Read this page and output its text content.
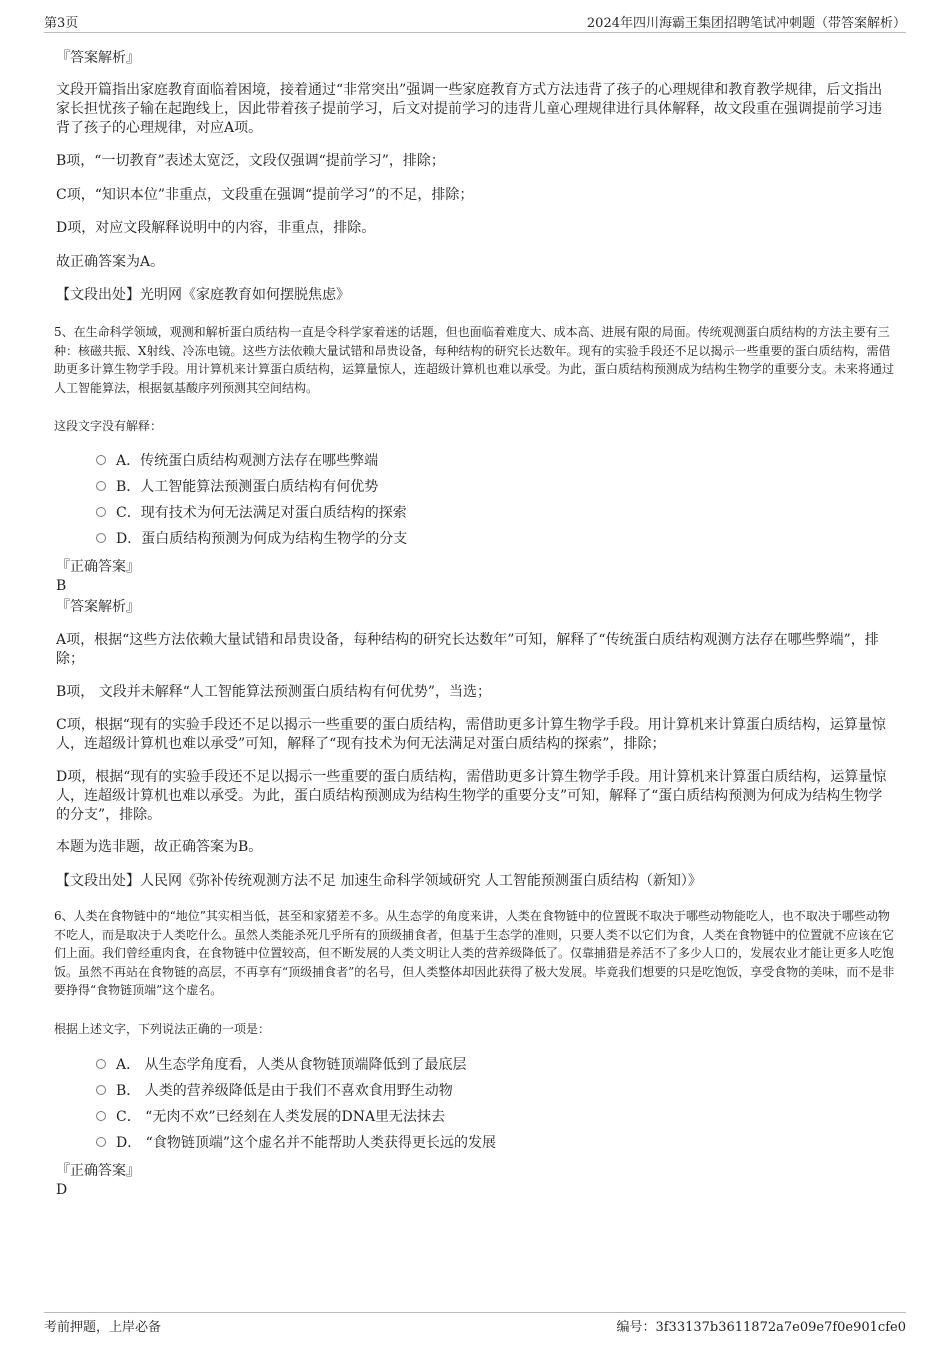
第3页	2024年四川海霸王集团招聘笔试冲刺题（带答案解析）
『答案解析』
文段开篇指出家庭教育面临着困境，接着通过“非常突出”强调一些家庭教育方式方法违背了孩子的心理规律和教育教学规律，后文指出家长担忧孩子输在起跑线上，因此带着孩子提前学习，后文对提前学习的违背儿童心理规律进行具体解释，故文段重在强调提前学习违背了孩子的心理规律，对应A项。
B项，“一切教育”表述太宽泛，文段仅强调“提前学习”，排除；
C项，“知识本位”非重点，文段重在强调“提前学习”的不足，排除；
D项，对应文段解释说明中的内容，非重点，排除。
故正确答案为A。
【文段出处】光明网《家庭教育如何摆脱焦虑》
5、在生命科学领域，观测和解析蛋白质结构一直是令科学家着迷的话题，但也面临着难度大、成本高、进展有限的局面。传统观测蛋白质结构的方法主要有三种：核磁共振、X射线、冷冻电镜。这些方法依赖大量试错和昂贵设备，每种结构的研究长达数年。现有的实验手段还不足以揭示一些重要的蛋白质结构，需借助更多计算生物学手段。用计算机来计算蛋白质结构，运算量惊人，连超级计算机也难以承受。为此，蛋白质结构预测成为结构生物学的重要分支。未来将通过人工智能算法，根据氨基酸序列预测其空间结构。
这段文字没有解释：
A．传统蛋白质结构观测方法存在哪些弊端
B．人工智能算法预测蛋白质结构有何优势
C．现有技术为何无法满足对蛋白质结构的探索
D．蛋白质结构预测为何成为结构生物学的分支
『正确答案』
B
『答案解析』
A项，根据“这些方法依赖大量试错和昂贵设备，每种结构的研究长达数年”可知，解释了“传统蛋白质结构观测方法存在哪些弊端”，排除；
B项， 文段并未解释“人工智能算法预测蛋白质结构有何优势”，当选；
C项，根据“现有的实验手段还不足以揭示一些重要的蛋白质结构，需借助更多计算生物学手段。用计算机来计算蛋白质结构，运算量惊人，连超级计算机也难以承受”可知，解释了“现有技术为何无法满足对蛋白质结构的探索”，排除；
D项，根据“现有的实验手段还不足以揭示一些重要的蛋白质结构，需借助更多计算生物学手段。用计算机来计算蛋白质结构，运算量惊人，连超级计算机也难以承受。为此，蛋白质结构预测成为结构生物学的重要分支”可知，解释了“蛋白质结构预测为何成为结构生物学的分支”，排除。
本题为选非题，故正确答案为B。
【文段出处】人民网《弥补传统观测方法不足 加速生命科学领域研究 人工智能预测蛋白质结构（新知）》
6、人类在食物链中的“地位”其实相当低，甚至和家猪差不多。从生态学的角度来讲，人类在食物链中的位置既不取决于哪些动物能吃人，也不取决于哪些动物不吃人，而是取决于人类吃什么。虽然人类能杀死几乎所有的顶级捕食者，但基于生态学的准则，只要人类不以它们为食，人类在食物链中的位置就不应该在它们上面。我们曾经重肉食，在食物链中位置较高，但不断发展的人类文明让人类的营养级降低了。仅靠捕猎是养活不了多少人口的，发展农业才能让更多人吃饱饭。虽然不再站在食物链的高层，不再享有“顶级捕食者”的名号，但人类整体却因此获得了极大发展。毕竟我们想要的只是吃饱饭，享受食物的美味，而不是非要挣得“食物链顶端”这个虚名。
根据上述文字，下列说法正确的一项是：
A． 从生态学角度看，人类从食物链顶端降低到了最底层
B． 人类的营养级降低是由于我们不喜欢食用野生动物
C． “无肉不欢”已经刻在人类发展的DNA里无法抹去
D． “食物链顶端”这个虚名并不能帮助人类获得更长远的发展
『正确答案』
D
考前押题，上岸必备	编号：3f33137b3611872a7e09e7f0e901cfe0
